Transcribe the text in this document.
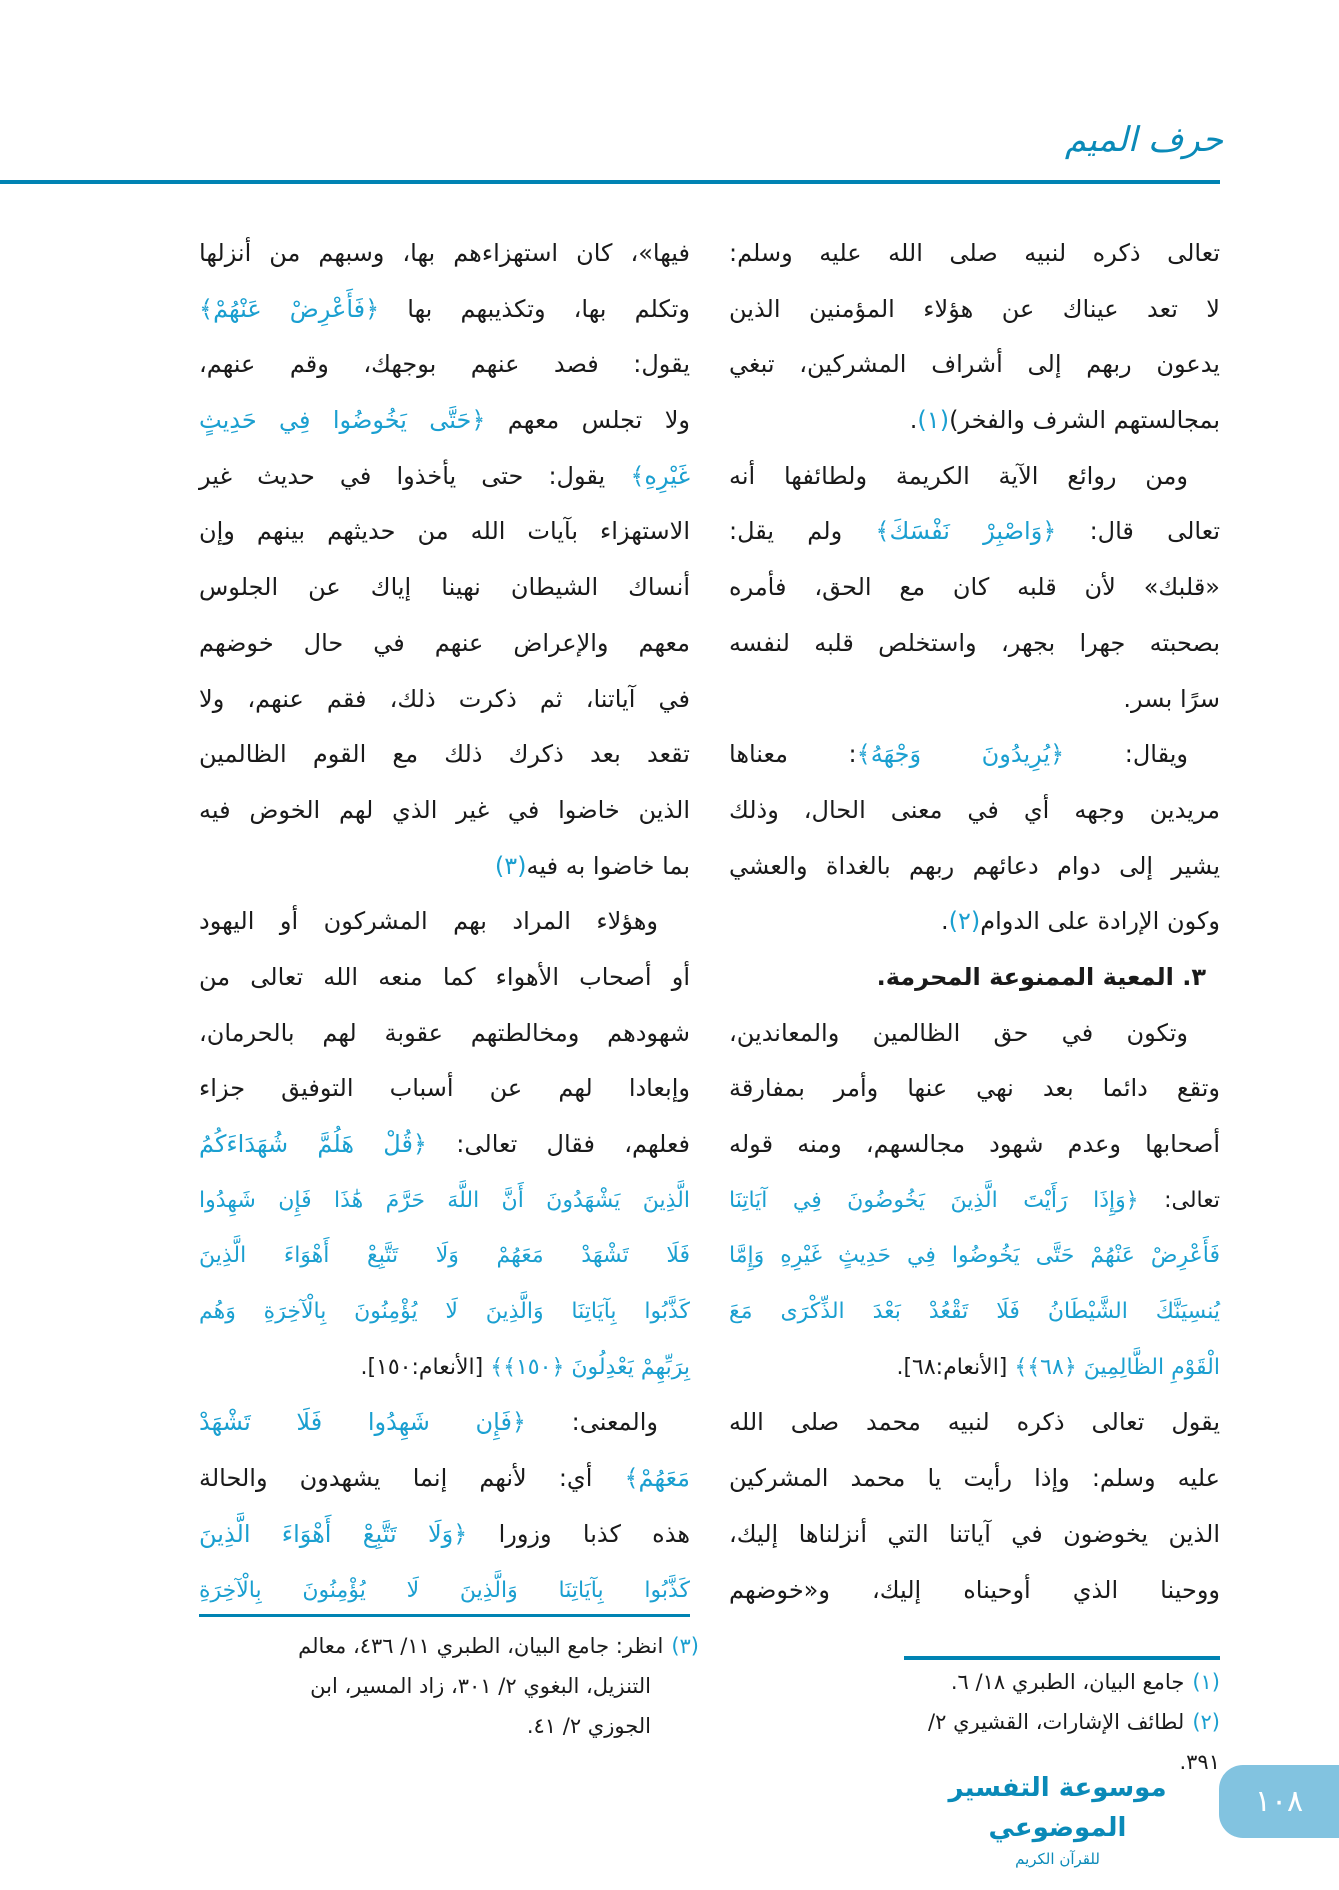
حرف الميم
تعالى ذكره لنبيه صلى الله عليه وسلم:
لا تعد عيناك عن هؤلاء المؤمنين الذين
يدعون ربهم إلى أشراف المشركين، تبغي
بمجالستهم الشرف والفخر)(١).
ومن روائع الآية الكريمة ولطائفها أنه
تعالى قال: ﴿وَاصْبِرْ نَفْسَكَ﴾ ولم يقل:
«قلبك» لأن قلبه كان مع الحق، فأمره
بصحبته جهرا بجهر، واستخلص قلبه لنفسه
سرًا بسر.
ويقال: ﴿يُرِيدُونَ وَجْهَهُ﴾: معناها
مريدين وجهه أي في معنى الحال، وذلك
يشير إلى دوام دعائهم ربهم بالغداة والعشي
وكون الإرادة على الدوام(٢).
٣. المعية الممنوعة المحرمة.
وتكون في حق الظالمين والمعاندين،
وتقع دائما بعد نهي عنها وأمر بمفارقة
أصحابها وعدم شهود مجالسهم، ومنه قوله
تعالى: ﴿وَإِذَا رَأَيْتَ الَّذِينَ يَخُوضُونَ فِي آيَاتِنَا
فَأَعْرِضْ عَنْهُمْ حَتَّى يَخُوضُوا فِي حَدِيثٍ غَيْرِهِ وَإِمَّا
يُنسِيَنَّكَ الشَّيْطَانُ فَلَا تَقْعُدْ بَعْدَ الذِّكْرَى مَعَ
الْقَوْمِ الظَّالِمِينَ ﴿٦٨﴾﴾ [الأنعام:٦٨].
يقول تعالى ذكره لنبيه محمد صلى الله
عليه وسلم: وإذا رأيت يا محمد المشركين
الذين يخوضون في آياتنا التي أنزلناها إليك،
ووحينا الذي أوحيناه إليك، و«خوضهم
فيها»، كان استهزاءهم بها، وسبهم من أنزلها
وتكلم بها، وتكذيبهم بها ﴿فَأَعْرِضْ عَنْهُمْ﴾
يقول: فصد عنهم بوجهك، وقم عنهم،
ولا تجلس معهم ﴿حَتَّى يَخُوضُوا فِي حَدِيثٍ
غَيْرِهِ﴾ يقول: حتى يأخذوا في حديث غير
الاستهزاء بآيات الله من حديثهم بينهم وإن
أنساك الشيطان نهينا إياك عن الجلوس
معهم والإعراض عنهم في حال خوضهم
في آياتنا، ثم ذكرت ذلك، فقم عنهم، ولا
تقعد بعد ذكرك ذلك مع القوم الظالمين
الذين خاضوا في غير الذي لهم الخوض فيه
بما خاضوا به فيه(٣)
وهؤلاء المراد بهم المشركون أو اليهود
أو أصحاب الأهواء كما منعه الله تعالى من
شهودهم ومخالطتهم عقوبة لهم بالحرمان،
وإبعادا لهم عن أسباب التوفيق جزاء
فعلهم، فقال تعالى: ﴿قُلْ هَلُمَّ شُهَدَاءَكُمُ
الَّذِينَ يَشْهَدُونَ أَنَّ اللَّهَ حَرَّمَ هَٰذَا فَإِن شَهِدُوا
فَلَا تَشْهَدْ مَعَهُمْ وَلَا تَتَّبِعْ أَهْوَاءَ الَّذِينَ
كَذَّبُوا بِآيَاتِنَا وَالَّذِينَ لَا يُؤْمِنُونَ بِالْآخِرَةِ وَهُم
بِرَبِّهِمْ يَعْدِلُونَ ﴿١٥٠﴾﴾ [الأنعام:١٥٠].
والمعنى: ﴿فَإِن شَهِدُوا فَلَا تَشْهَدْ
مَعَهُمْ﴾ أي: لأنهم إنما يشهدون والحالة
هذه كذبا وزورا ﴿وَلَا تَتَّبِعْ أَهْوَاءَ الَّذِينَ
كَذَّبُوا بِآيَاتِنَا وَالَّذِينَ لَا يُؤْمِنُونَ بِالْآخِرَةِ
(١)جامع البيان، الطبري ١٨/ ٦.
(٢)لطائف الإشارات، القشيري ٢/ ٣٩١.
(٣)انظر: جامع البيان، الطبري ١١/ ٤٣٦، معالم
التنزيل، البغوي ٢/ ٣٠١، زاد المسير، ابن
الجوزي ٢/ ٤١.
موسوعة التفسير الموضوعي
للقرآن الكريم
١٠٨
